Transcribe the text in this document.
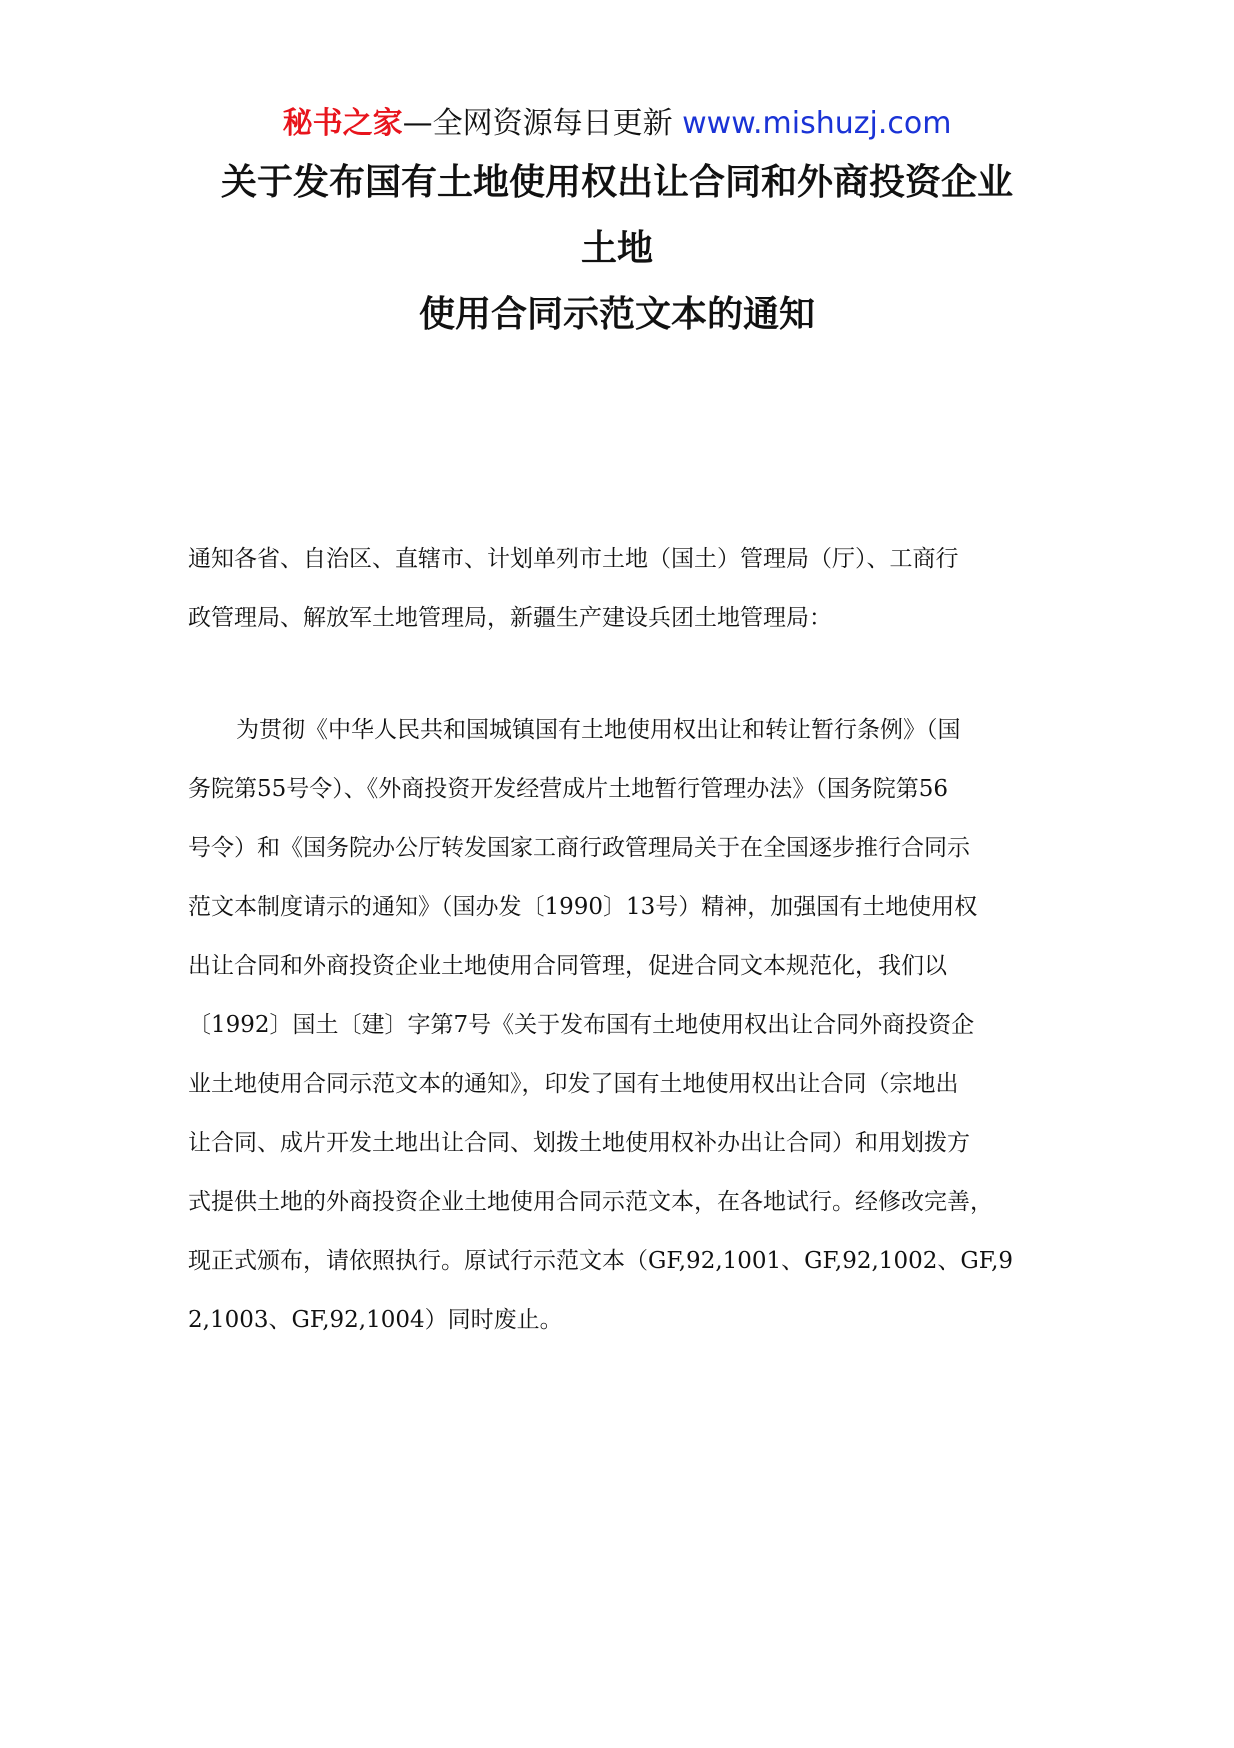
秘书之家—全网资源每日更新 www.mishuzj.com
关于发布国有土地使用权出让合同和外商投资企业
土地
使用合同示范文本的通知
通知各省、自治区、直辖市、计划单列市土地（国土）管理局（厅）、工商行
政管理局、解放军土地管理局，新疆生产建设兵团土地管理局：
为贯彻《中华人民共和国城镇国有土地使用权出让和转让暂行条例》（国
务院第55号令）、《外商投资开发经营成片土地暂行管理办法》（国务院第56
号令）和《国务院办公厅转发国家工商行政管理局关于在全国逐步推行合同示
范文本制度请示的通知》（国办发〔1990〕13号）精神，加强国有土地使用权
出让合同和外商投资企业土地使用合同管理，促进合同文本规范化，我们以
〔1992〕国土〔建〕字第7号《关于发布国有土地使用权出让合同外商投资企
业土地使用合同示范文本的通知》，印发了国有土地使用权出让合同（宗地出
让合同、成片开发土地出让合同、划拨土地使用权补办出让合同）和用划拨方
式提供土地的外商投资企业土地使用合同示范文本，在各地试行。经修改完善，
现正式颁布，请依照执行。原试行示范文本（GF,92,1001、GF,92,1002、GF,9
2,1003、GF,92,1004）同时废止。
